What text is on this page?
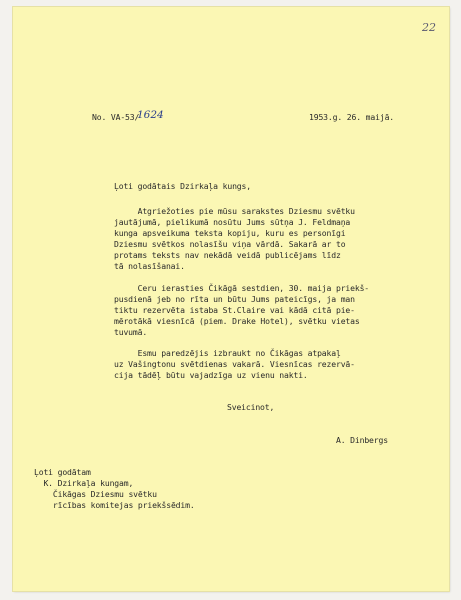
22
No. VA-53/
1624	1953.g. 26. maijā.
Ļoti godātais Dzirkaļa kungs,
Atgriežoties pie mūsu sarakstes Dziesmu svētku
jautājumā, pielikumā nosūtu Jums sūtņa J. Feldmaņa
kunga apsveikuma teksta kopiju, kuru es personīgi
Dziesmu svētkos nolasīšu viņa vārdā. Sakarā ar to
protams teksts nav nekādā veidā publicējams līdz
tā nolasīšanai.
Ceru ierasties Čikāgā sestdien, 30. maija priekš-
pusdienā jeb no rīta un būtu Jums pateicīgs, ja man
tiktu rezervēta istaba St.Claire vai kādā citā pie-
mērotākā viesnīcā (piem. Drake Hotel), svētku vietas
tuvumā.
Esmu paredzējis izbraukt no Čikāgas atpakaļ
uz Vašingtonu svētdienas vakarā. Viesnīcas rezervā-
cija tādēļ būtu vajadzīga uz vienu nakti.
Sveicinot,
A. Dinbergs
Ļoti godātam
K. Dzirkaļa kungam,
Čikāgas Dziesmu svētku
rīcības komitejas priekšsēdim.
